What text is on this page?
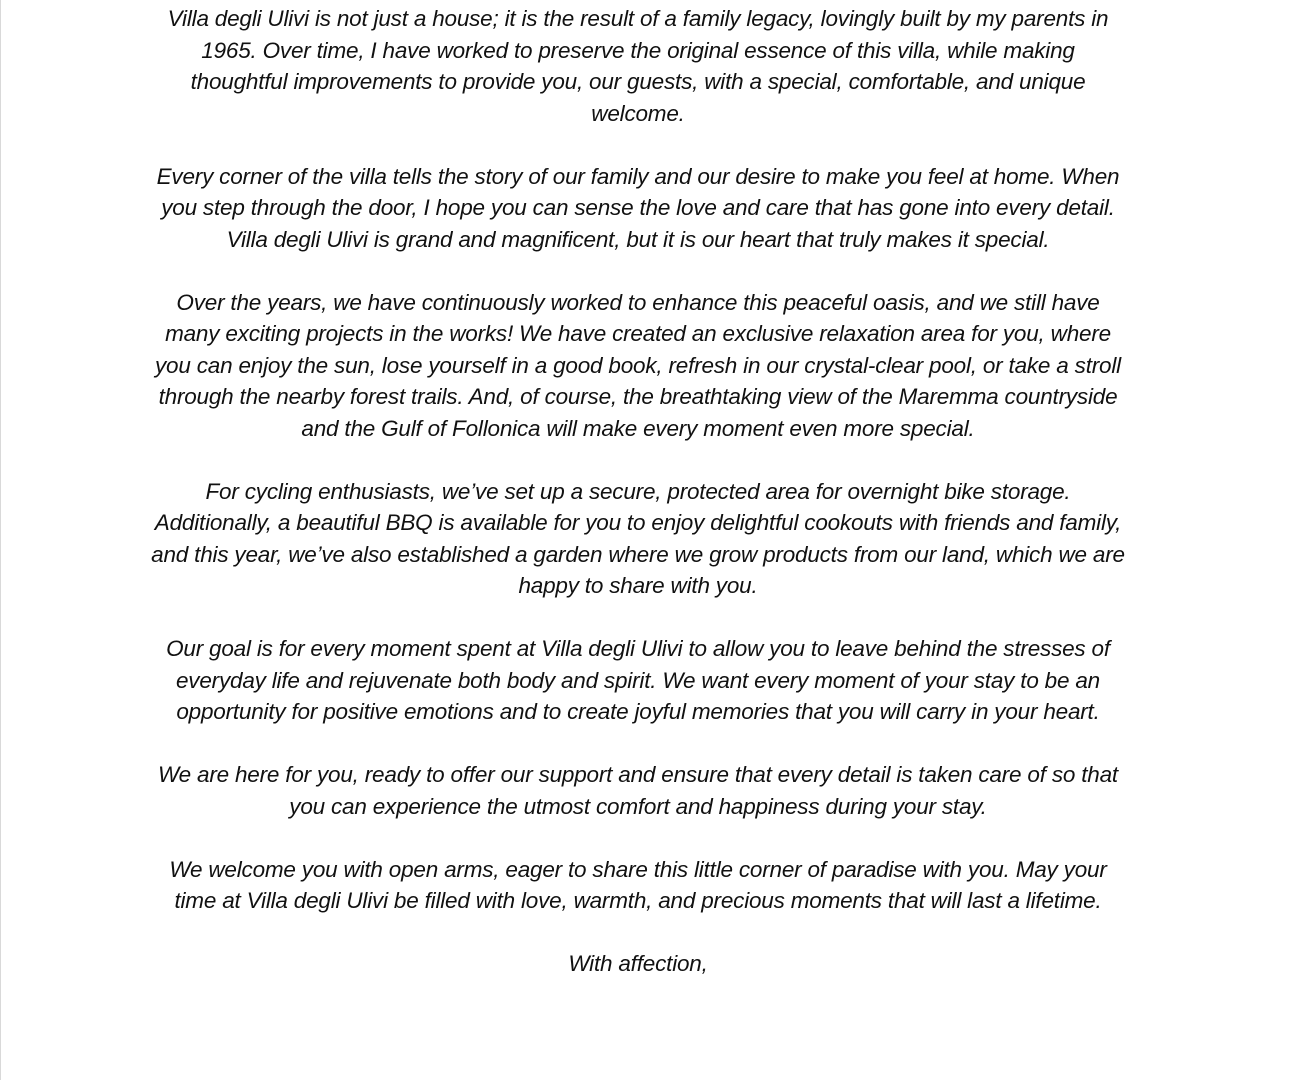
Villa degli Ulivi is not just a house; it is the result of a family legacy, lovingly built by my parents in 1965. Over time, I have worked to preserve the original essence of this villa, while making thoughtful improvements to provide you, our guests, with a special, comfortable, and unique welcome.

Every corner of the villa tells the story of our family and our desire to make you feel at home. When you step through the door, I hope you can sense the love and care that has gone into every detail. Villa degli Ulivi is grand and magnificent, but it is our heart that truly makes it special.

Over the years, we have continuously worked to enhance this peaceful oasis, and we still have many exciting projects in the works! We have created an exclusive relaxation area for you, where you can enjoy the sun, lose yourself in a good book, refresh in our crystal-clear pool, or take a stroll through the nearby forest trails. And, of course, the breathtaking view of the Maremma countryside and the Gulf of Follonica will make every moment even more special.

For cycling enthusiasts, we’ve set up a secure, protected area for overnight bike storage. Additionally, a beautiful BBQ is available for you to enjoy delightful cookouts with friends and family, and this year, we’ve also established a garden where we grow products from our land, which we are happy to share with you.

Our goal is for every moment spent at Villa degli Ulivi to allow you to leave behind the stresses of everyday life and rejuvenate both body and spirit. We want every moment of your stay to be an opportunity for positive emotions and to create joyful memories that you will carry in your heart.

We are here for you, ready to offer our support and ensure that every detail is taken care of so that you can experience the utmost comfort and happiness during your stay.

We welcome you with open arms, eager to share this little corner of paradise with you. May your time at Villa degli Ulivi be filled with love, warmth, and precious moments that will last a lifetime.

With affection,
